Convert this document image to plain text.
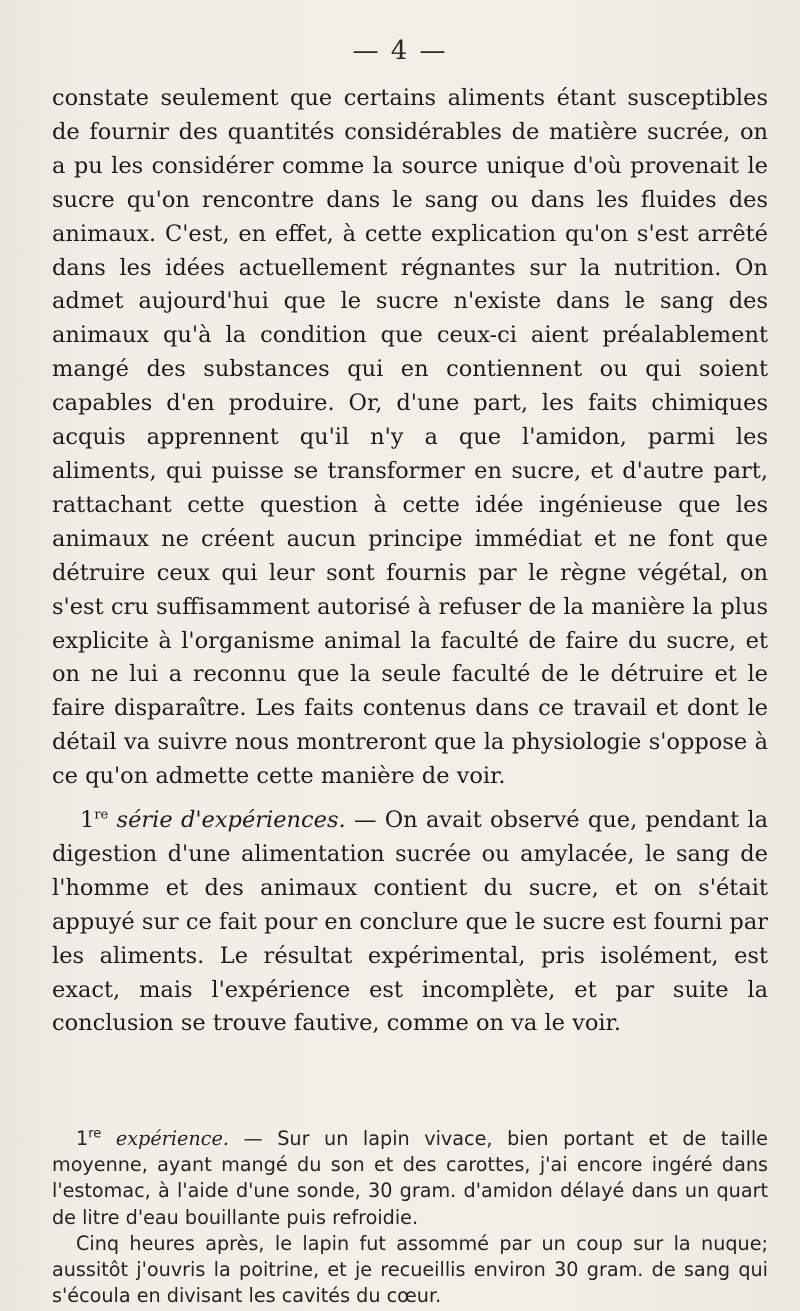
— 4 —

constate seulement que certains aliments étant susceptibles de fournir des quantités considérables de matière sucrée, on a pu les considérer comme la source unique d'où provenait le sucre qu'on rencontre dans le sang ou dans les fluides des animaux. C'est, en effet, à cette explication qu'on s'est arrêté dans les idées actuellement régnantes sur la nutrition. On admet aujourd'hui que le sucre n'existe dans le sang des animaux qu'à la condition que ceux-ci aient préalablement mangé des substances qui en contiennent ou qui soient capables d'en produire. Or, d'une part, les faits chimiques acquis apprennent qu'il n'y a que l'amidon, parmi les aliments, qui puisse se transformer en sucre, et d'autre part, rattachant cette question à cette idée ingénieuse que les animaux ne créent aucun principe immédiat et ne font que détruire ceux qui leur sont fournis par le règne végétal, on s'est cru suffisamment autorisé à refuser de la manière la plus explicite à l'organisme animal la faculté de faire du sucre, et on ne lui a reconnu que la seule faculté de le détruire et le faire disparaître. Les faits contenus dans ce travail et dont le détail va suivre nous montreront que la physiologie s'oppose à ce qu'on admette cette manière de voir.

1re série d'expériences. — On avait observé que, pendant la digestion d'une alimentation sucrée ou amylacée, le sang de l'homme et des animaux contient du sucre, et on s'était appuyé sur ce fait pour en conclure que le sucre est fourni par les aliments. Le résultat expérimental, pris isolément, est exact, mais l'expérience est incomplète, et par suite la conclusion se trouve fautive, comme on va le voir.

1re expérience. — Sur un lapin vivace, bien portant et de taille moyenne, ayant mangé du son et des carottes, j'ai encore ingéré dans l'estomac, à l'aide d'une sonde, 30 gram. d'amidon délayé dans un quart de litre d'eau bouillante puis refroidie.

Cinq heures après, le lapin fut assommé par un coup sur la nuque; aussitôt j'ouvris la poitrine, et je recueillis environ 30 gram. de sang qui s'écoula en divisant les cavités du cœur.
